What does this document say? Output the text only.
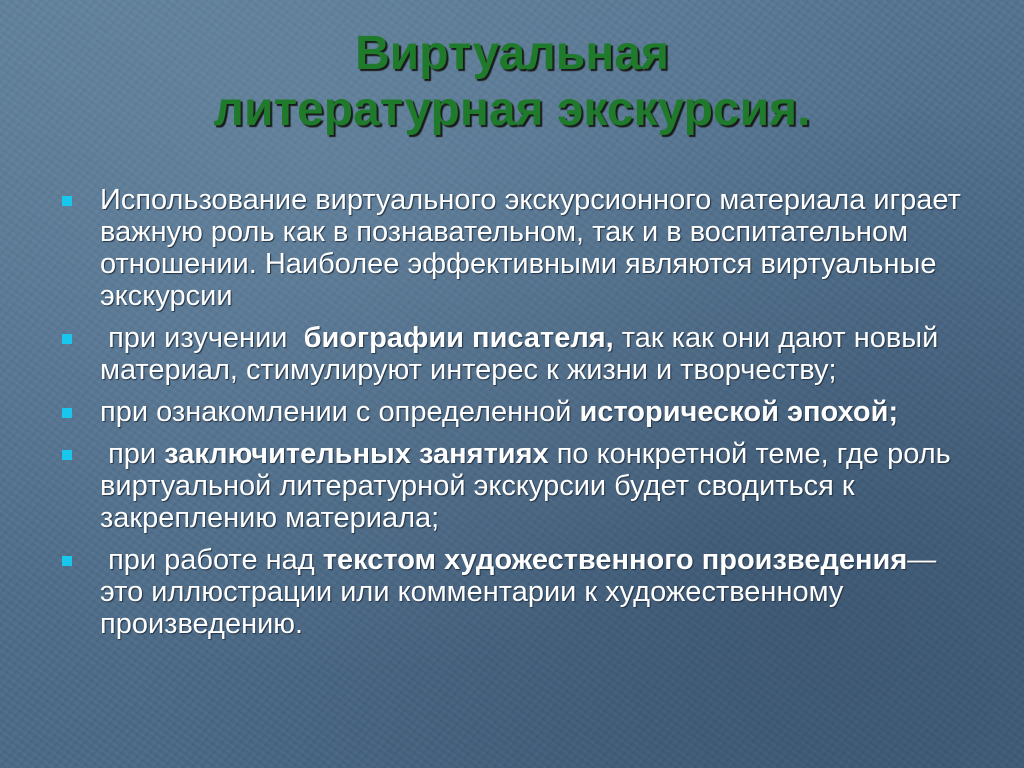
Виртуальная
литературная экскурсия.
Использование виртуального экскурсионного материала играет важную роль как в познавательном, так и в воспитательном отношении. Наиболее эффективными являются виртуальные экскурсии
при изучении  биографии писателя, так как они дают новый материал, стимулируют интерес к жизни и творчеству;
при ознакомлении с определенной исторической эпохой;
при заключительных занятиях по конкретной теме, где роль виртуальной литературной экскурсии будет сводиться к закреплению материала;
при работе над текстом художественного произведения—это иллюстрации или комментарии к художественному произведению.
